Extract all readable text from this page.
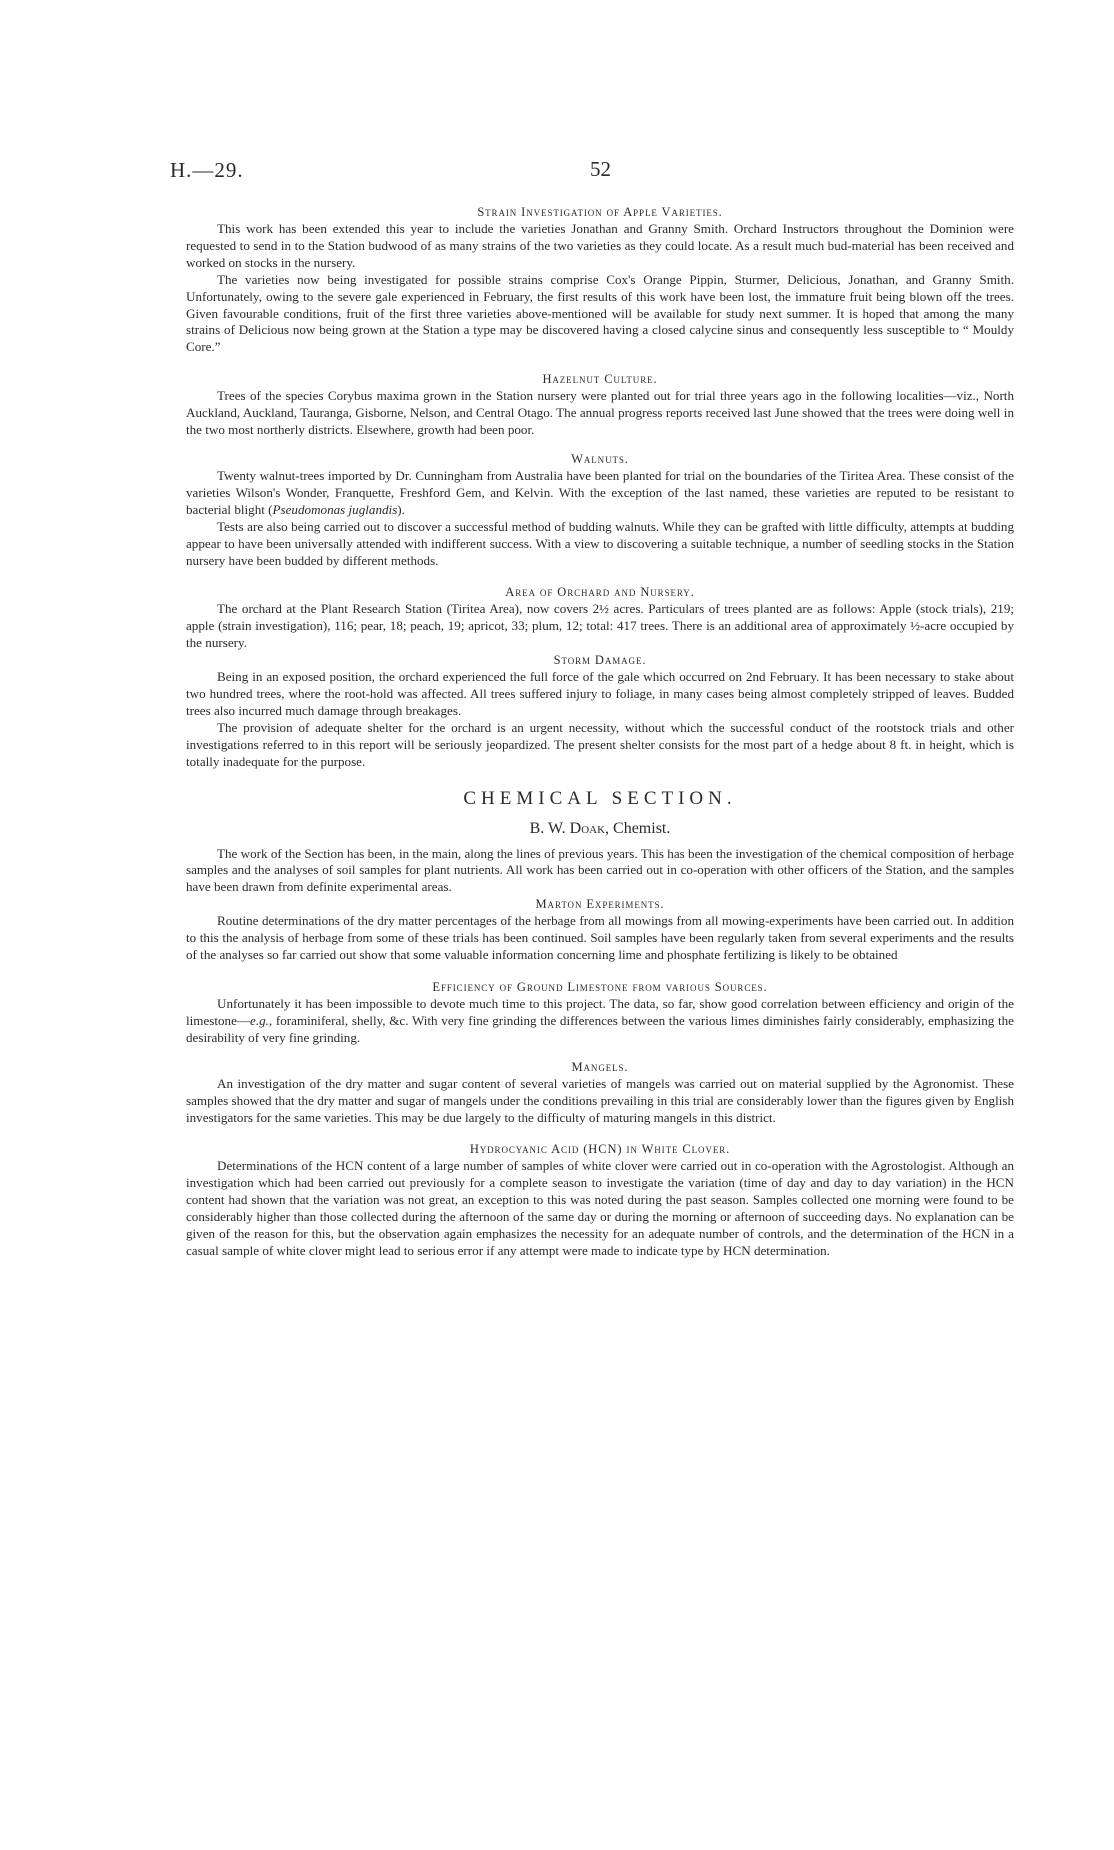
H.—29.	52
Strain Investigation of Apple Varieties.

This work has been extended this year to include the varieties Jonathan and Granny Smith. Orchard Instructors throughout the Dominion were requested to send in to the Station budwood of as many strains of the two varieties as they could locate. As a result much bud-material has been received and worked on stocks in the nursery.

The varieties now being investigated for possible strains comprise Cox's Orange Pippin, Sturmer, Delicious, Jonathan, and Granny Smith. Unfortunately, owing to the severe gale experienced in February, the first results of this work have been lost, the immature fruit being blown off the trees. Given favourable conditions, fruit of the first three varieties above-mentioned will be available for study next summer. It is hoped that among the many strains of Delicious now being grown at the Station a type may be discovered having a closed calycine sinus and consequently less susceptible to “ Mouldy Core.”

Hazelnut Culture.

Trees of the species Corybus maxima grown in the Station nursery were planted out for trial three years ago in the following localities—viz., North Auckland, Auckland, Tauranga, Gisborne, Nelson, and Central Otago. The annual progress reports received last June showed that the trees were doing well in the two most northerly districts. Elsewhere, growth had been poor.

Walnuts.

Twenty walnut-trees imported by Dr. Cunningham from Australia have been planted for trial on the boundaries of the Tiritea Area. These consist of the varieties Wilson's Wonder, Franquette, Freshford Gem, and Kelvin. With the exception of the last named, these varieties are reputed to be resistant to bacterial blight (Pseudomonas juglandis).

Tests are also being carried out to discover a successful method of budding walnuts. While they can be grafted with little difficulty, attempts at budding appear to have been universally attended with indifferent success. With a view to discovering a suitable technique, a number of seedling stocks in the Station nursery have been budded by different methods.

Area of Orchard and Nursery.

The orchard at the Plant Research Station (Tiritea Area), now covers 2½ acres. Particulars of trees planted are as follows: Apple (stock trials), 219; apple (strain investigation), 116; pear, 18; peach, 19; apricot, 33; plum, 12; total: 417 trees. There is an additional area of approximately ½-acre occupied by the nursery.

Storm Damage.

Being in an exposed position, the orchard experienced the full force of the gale which occurred on 2nd February. It has been necessary to stake about two hundred trees, where the root-hold was affected. All trees suffered injury to foliage, in many cases being almost completely stripped of leaves. Budded trees also incurred much damage through breakages.

The provision of adequate shelter for the orchard is an urgent necessity, without which the successful conduct of the rootstock trials and other investigations referred to in this report will be seriously jeopardized. The present shelter consists for the most part of a hedge about 8 ft. in height, which is totally inadequate for the purpose.

CHEMICAL SECTION.

B. W. Doak, Chemist.

The work of the Section has been, in the main, along the lines of previous years. This has been the investigation of the chemical composition of herbage samples and the analyses of soil samples for plant nutrients. All work has been carried out in co-operation with other officers of the Station, and the samples have been drawn from definite experimental areas.

Marton Experiments.

Routine determinations of the dry matter percentages of the herbage from all mowings from all mowing-experiments have been carried out. In addition to this the analysis of herbage from some of these trials has been continued. Soil samples have been regularly taken from several experiments and the results of the analyses so far carried out show that some valuable information concerning lime and phosphate fertilizing is likely to be obtained

Efficiency of Ground Limestone from various Sources.

Unfortunately it has been impossible to devote much time to this project. The data, so far, show good correlation between efficiency and origin of the limestone—e.g., foraminiferal, shelly, &c. With very fine grinding the differences between the various limes diminishes fairly considerably, emphasizing the desirability of very fine grinding.

Mangels.

An investigation of the dry matter and sugar content of several varieties of mangels was carried out on material supplied by the Agronomist. These samples showed that the dry matter and sugar of mangels under the conditions prevailing in this trial are considerably lower than the figures given by English investigators for the same varieties. This may be due largely to the difficulty of maturing mangels in this district.

Hydrocyanic Acid (HCN) in White Clover.

Determinations of the HCN content of a large number of samples of white clover were carried out in co-operation with the Agrostologist. Although an investigation which had been carried out previously for a complete season to investigate the variation (time of day and day to day variation) in the HCN content had shown that the variation was not great, an exception to this was noted during the past season. Samples collected one morning were found to be considerably higher than those collected during the afternoon of the same day or during the morning or afternoon of succeeding days. No explanation can be given of the reason for this, but the observation again emphasizes the necessity for an adequate number of controls, and the determination of the HCN in a casual sample of white clover might lead to serious error if any attempt were made to indicate type by HCN determination.
